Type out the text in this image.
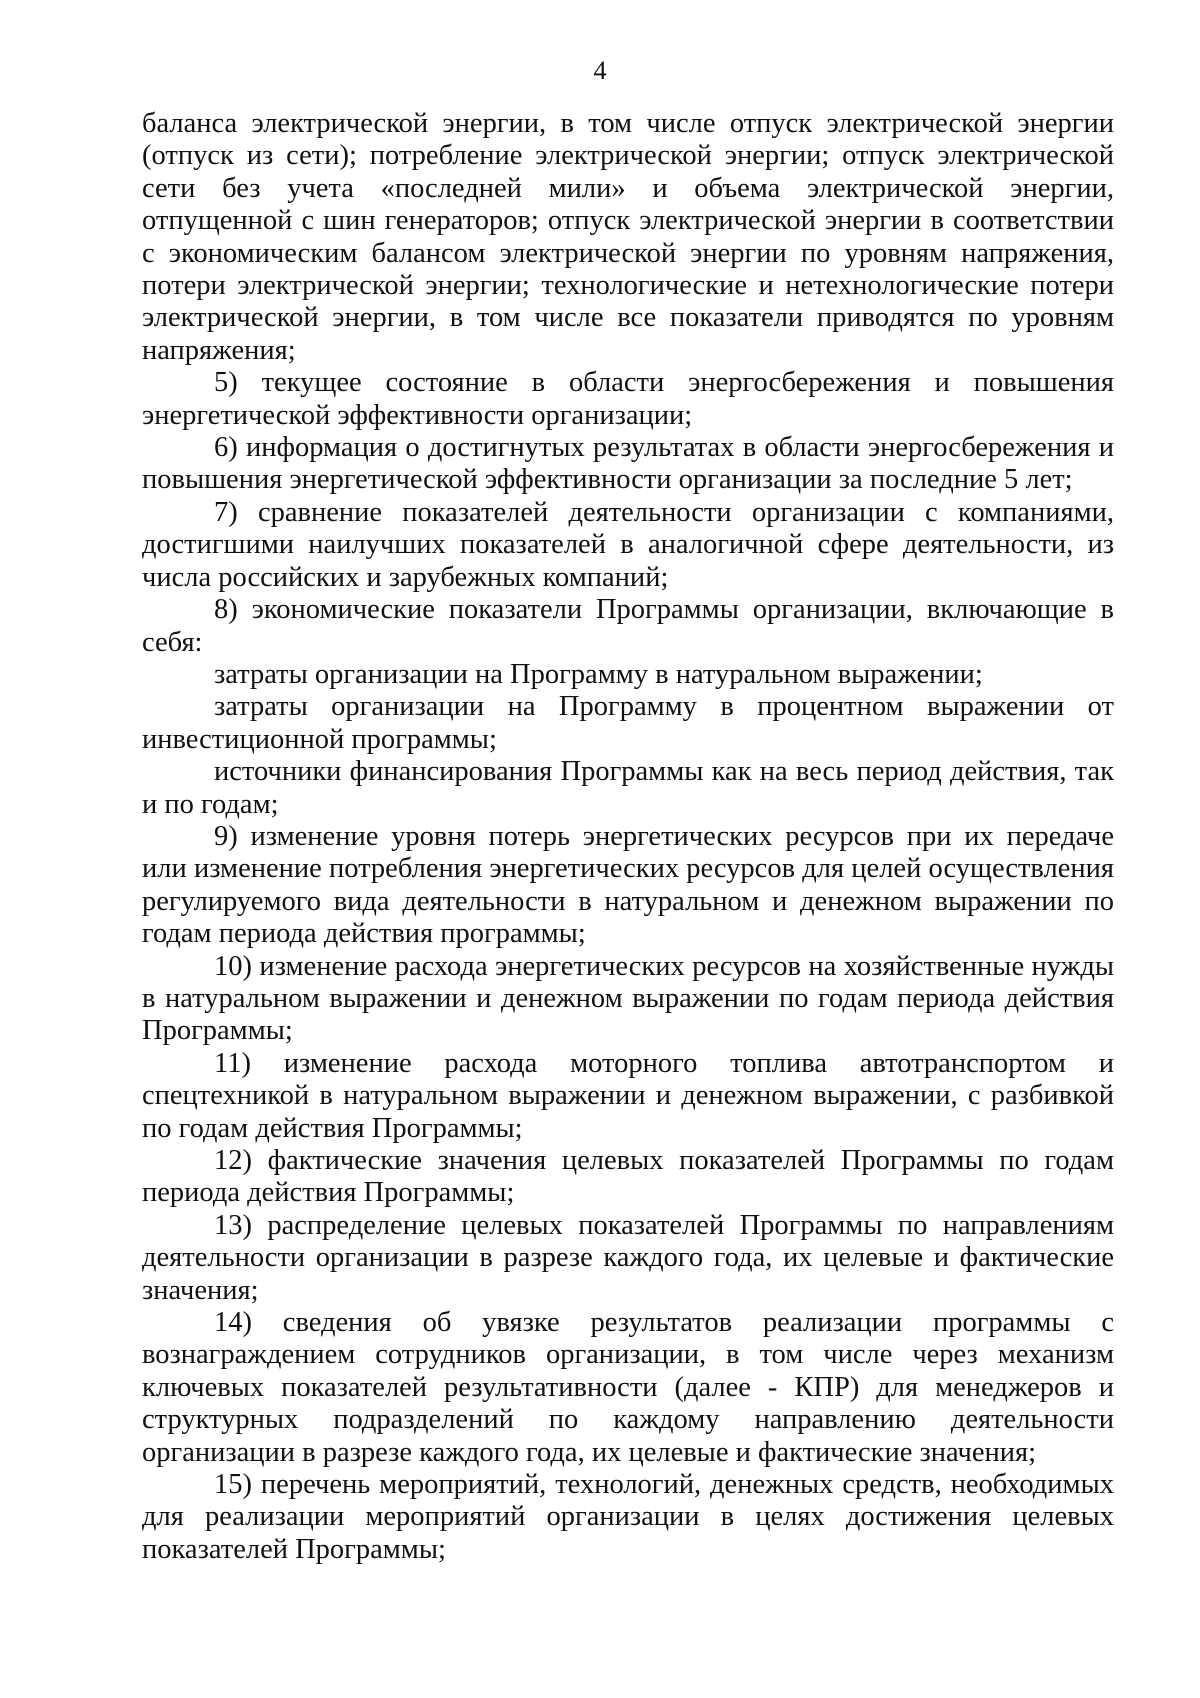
4

баланса электрической энергии, в том числе отпуск электрической энергии (отпуск из сети); потребление электрической энергии; отпуск электрической сети без учета «последней мили» и объема электрической энергии, отпущенной с шин генераторов; отпуск электрической энергии в соответствии с экономическим балансом электрической энергии по уровням напряжения, потери электрической энергии; технологические и нетехнологические потери электрической энергии, в том числе все показатели приводятся по уровням напряжения;

5) текущее состояние в области энергосбережения и повышения энергетической эффективности организации;

6) информация о достигнутых результатах в области энергосбережения и повышения энергетической эффективности организации за последние 5 лет;

7) сравнение показателей деятельности организации с компаниями, достигшими наилучших показателей в аналогичной сфере деятельности, из числа российских и зарубежных компаний;

8) экономические показатели Программы организации, включающие в себя:

затраты организации на Программу в натуральном выражении;

затраты организации на Программу в процентном выражении от инвестиционной программы;

источники финансирования Программы как на весь период действия, так и по годам;

9) изменение уровня потерь энергетических ресурсов при их передаче или изменение потребления энергетических ресурсов для целей осуществления регулируемого вида деятельности в натуральном и денежном выражении по годам периода действия программы;

10) изменение расхода энергетических ресурсов на хозяйственные нужды в натуральном выражении и денежном выражении по годам периода действия Программы;

11) изменение расхода моторного топлива автотранспортом и спецтехникой в натуральном выражении и денежном выражении, с разбивкой по годам действия Программы;

12) фактические значения целевых показателей Программы по годам периода действия Программы;

13) распределение целевых показателей Программы по направлениям деятельности организации в разрезе каждого года, их целевые и фактические значения;

14) сведения об увязке результатов реализации программы с вознаграждением сотрудников организации, в том числе через механизм ключевых показателей результативности (далее - КПР) для менеджеров и структурных подразделений по каждому направлению деятельности организации в разрезе каждого года, их целевые и фактические значения;

15) перечень мероприятий, технологий, денежных средств, необходимых для реализации мероприятий организации в целях достижения целевых показателей Программы;
